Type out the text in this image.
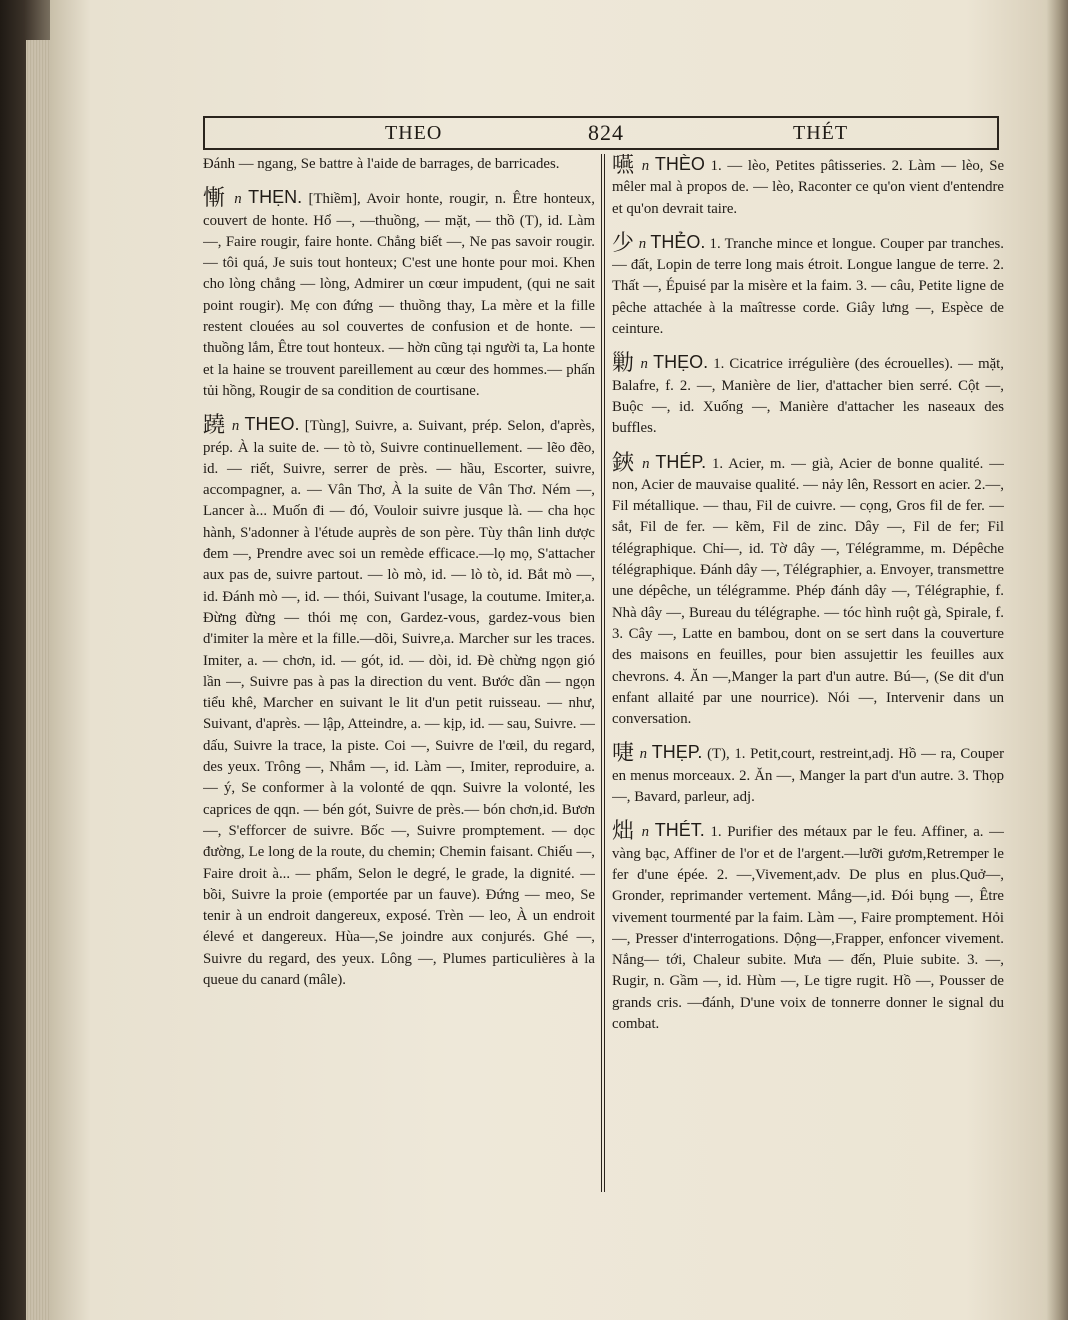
THEO	824	THÉT

Đánh — ngang, Se battre à l'aide de barrages, de barricades.

慚 n THẸN. [Thiềm], Avoir honte, rougir, n. Être honteux, couvert de honte. Hổ —, —thuồng, — mặt, — thồ (T), id. Làm —, Faire rougir, faire honte. Chẳng biết —, Ne pas savoir rougir. — tôi quá, Je suis tout honteux; C'est une honte pour moi. Khen cho lòng chẳng — lòng, Admirer un cœur impudent, (qui ne sait point rougir). Mẹ con đứng — thuồng thay, La mère et la fille restent clouées au sol couvertes de confusion et de honte. — thuồng lắm, Être tout honteux. — hờn cũng tại người ta, La honte et la haine se trouvent pareillement au cœur des hommes.— phấn tủi hồng, Rougir de sa condition de courtisane.

蹺 n THEO. [Tùng], Suivre, a. Suivant, prép. Selon, d'après, prép. À la suite de. — tò tò, Suivre continuellement. — lẽo đẽo, id. — riết, Suivre, serrer de près. — hầu, Escorter, suivre, accompagner, a. — Vân Thơ, À la suite de Vân Thơ. Ném —, Lancer à... Muốn đi — đó, Vouloir suivre jusque là. — cha học hành, S'adonner à l'étude auprès de son père. Tùy thân linh dược đem —, Prendre avec soi un remède efficace.—lọ mọ, S'attacher aux pas de, suivre partout. — lò mò, id. — lò tò, id. Bắt mò —, id. Đánh mò —, id. — thói, Suivant l'usage, la coutume. Imiter,a. Đừng đừng — thói mẹ con, Gardez-vous, gardez-vous bien d'imiter la mère et la fille.—dõi, Suivre,a. Marcher sur les traces. Imiter, a. — chơn, id. — gót, id. — dòi, id. Đè chừng ngọn gió lần —, Suivre pas à pas la direction du vent. Bước dần — ngọn tiểu khê, Marcher en suivant le lit d'un petit ruisseau. — như, Suivant, d'après. — lập, Atteindre, a. — kịp, id. — sau, Suivre. — dấu, Suivre la trace, la piste. Coi —, Suivre de l'œil, du regard, des yeux. Trông —, Nhắm —, id. Làm —, Imiter, reproduire, a. — ý, Se conformer à la volonté de qqn. Suivre la volonté, les caprices de qqn. — bén gót, Suivre de près.— bón chơn,id. Bươn—, S'efforcer de suivre. Bốc —, Suivre promptement. — dọc đường, Le long de la route, du chemin; Chemin faisant. Chiếu —, Faire droit à... — phẩm, Selon le degré, le grade, la dignité. — bồi, Suivre la proie (emportée par un fauve). Đứng — meo, Se tenir à un endroit dangereux, exposé. Trèn — leo, À un endroit élevé et dangereux. Hùa—,Se joindre aux conjurés. Ghé —, Suivre du regard, des yeux. Lông —, Plumes particulières à la queue du canard (mâle).

嚥 n THÈO 1. — lèo, Petites pâtisseries. 2. Làm — lèo, Se mêler mal à propos de. — lèo, Raconter ce qu'on vient d'entendre et qu'on devrait taire.

少 n THẺO. 1. Tranche mince et longue. Couper par tranches. — đất, Lopin de terre long mais étroit. Longue langue de terre. 2. Thất —, Épuisé par la misère et la faim. 3. — câu, Petite ligne de pêche attachée à la maîtresse corde. Giây lưng —, Espèce de ceinture.

勦 n THẸO. 1. Cicatrice irrégulière (des écrouelles). — mặt, Balafre, f. 2. —, Manière de lier, d'attacher bien serré. Cột —, Buộc —, id. Xuống —, Manière d'attacher les naseaux des buffles.

鋏 n THÉP. 1. Acier, m. — già, Acier de bonne qualité. — non, Acier de mauvaise qualité. — nảy lên, Ressort en acier. 2.—, Fil métallique. — thau, Fil de cuivre. — cọng, Gros fil de fer. — sắt, Fil de fer. — kẽm, Fil de zinc. Dây —, Fil de fer; Fil télégraphique. Chỉ—, id. Tờ dây —, Télégramme, m. Dépêche télégraphique. Đánh dây —, Télégraphier, a. Envoyer, transmettre une dépêche, un télégramme. Phép đánh dây —, Télégraphie, f. Nhà dây —, Bureau du télégraphe. — tóc hình ruột gà, Spirale, f. 3. Cây —, Latte en bambou, dont on se sert dans la couverture des maisons en feuilles, pour bien assujettir les feuilles aux chevrons. 4. Ăn —,Manger la part d'un autre. Bú—, (Se dit d'un enfant allaité par une nourrice). Nói —, Intervenir dans un conversation.

啑 n THẸP. (T), 1. Petit,court, restreint,adj. Hồ — ra, Couper en menus morceaux. 2. Ăn —, Manger la part d'un autre. 3. Thọp —, Bavard, parleur, adj.

炪 n THÉT. 1. Purifier des métaux par le feu. Affiner, a. —vàng bạc, Affiner de l'or et de l'argent.—lưỡi gươm,Retremper le fer d'une épée. 2. —,Vivement,adv. De plus en plus.Quở—, Gronder, reprimander vertement. Mắng—,id. Đói bụng —, Être vivement tourmenté par la faim. Làm —, Faire promptement. Hỏi —, Presser d'interrogations. Dộng—,Frapper, enfoncer vivement. Nắng— tới, Chaleur subite. Mưa — đến, Pluie subite. 3. —, Rugir, n. Gầm —, id. Hùm —, Le tigre rugit. Hồ —, Pousser de grands cris. —đánh, D'une voix de tonnerre donner le signal du combat.
